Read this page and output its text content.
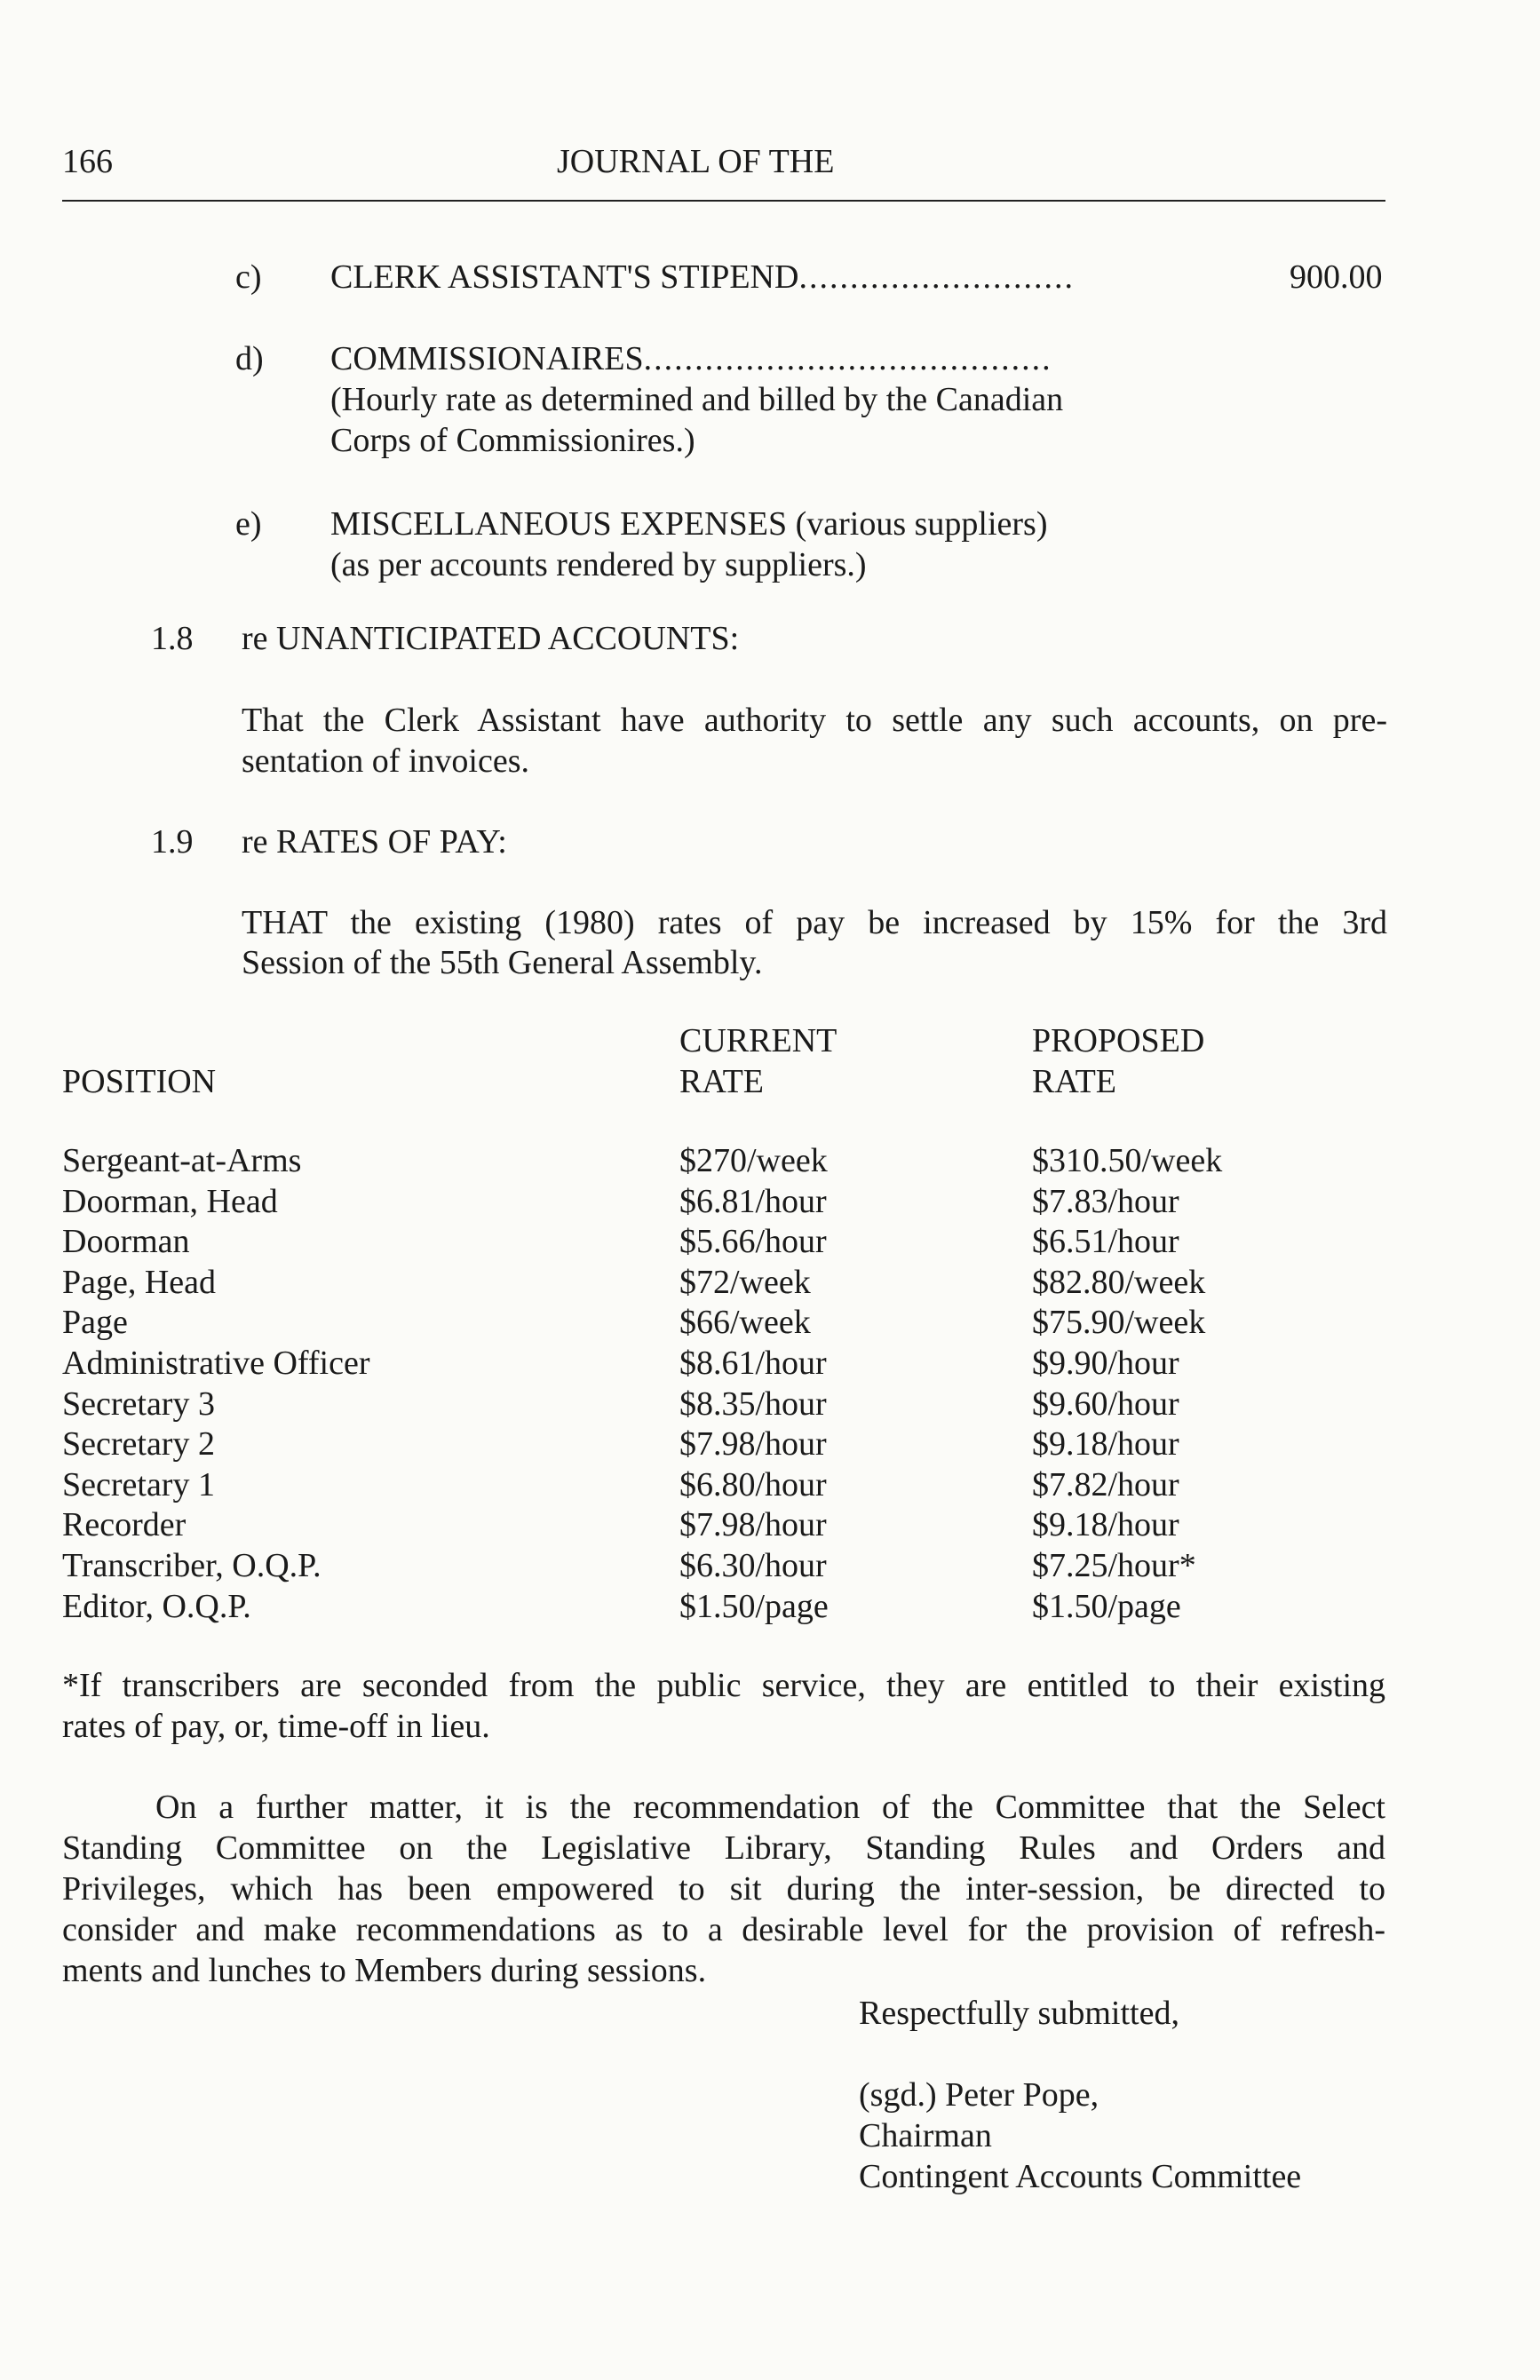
166	JOURNAL OF THE
c) CLERK ASSISTANT'S STIPEND...........................	900.00
d) COMMISSIONAIRES........................................
(Hourly rate as determined and billed by the Canadian
Corps of Commissionires.)
e) MISCELLANEOUS EXPENSES (various suppliers)
(as per accounts rendered by suppliers.)
1.8 re UNANTICIPATED ACCOUNTS:
That the Clerk Assistant have authority to settle any such accounts, on pre-
sentation of invoices.
1.9 re RATES OF PAY:
THAT the existing (1980) rates of pay be increased by 15% for the 3rd
Session of the 55th General Assembly.
CURRENT	PROPOSED
POSITION	RATE	RATE
Sergeant-at-Arms	$270/week	$310.50/week
Doorman, Head	$6.81/hour	$7.83/hour
Doorman	$5.66/hour	$6.51/hour
Page, Head	$72/week	$82.80/week
Page	$66/week	$75.90/week
Administrative Officer	$8.61/hour	$9.90/hour
Secretary 3	$8.35/hour	$9.60/hour
Secretary 2	$7.98/hour	$9.18/hour
Secretary 1	$6.80/hour	$7.82/hour
Recorder	$7.98/hour	$9.18/hour
Transcriber, O.Q.P.	$6.30/hour	$7.25/hour*
Editor, O.Q.P.	$1.50/page	$1.50/page
*If transcribers are seconded from the public service, they are entitled to their existing
rates of pay, or, time-off in lieu.
On a further matter, it is the recommendation of the Committee that the Select
Standing Committee on the Legislative Library, Standing Rules and Orders and
Privileges, which has been empowered to sit during the inter-session, be directed to
consider and make recommendations as to a desirable level for the provision of refresh-
ments and lunches to Members during sessions.
Respectfully submitted,
(sgd.) Peter Pope,
Chairman
Contingent Accounts Committee
